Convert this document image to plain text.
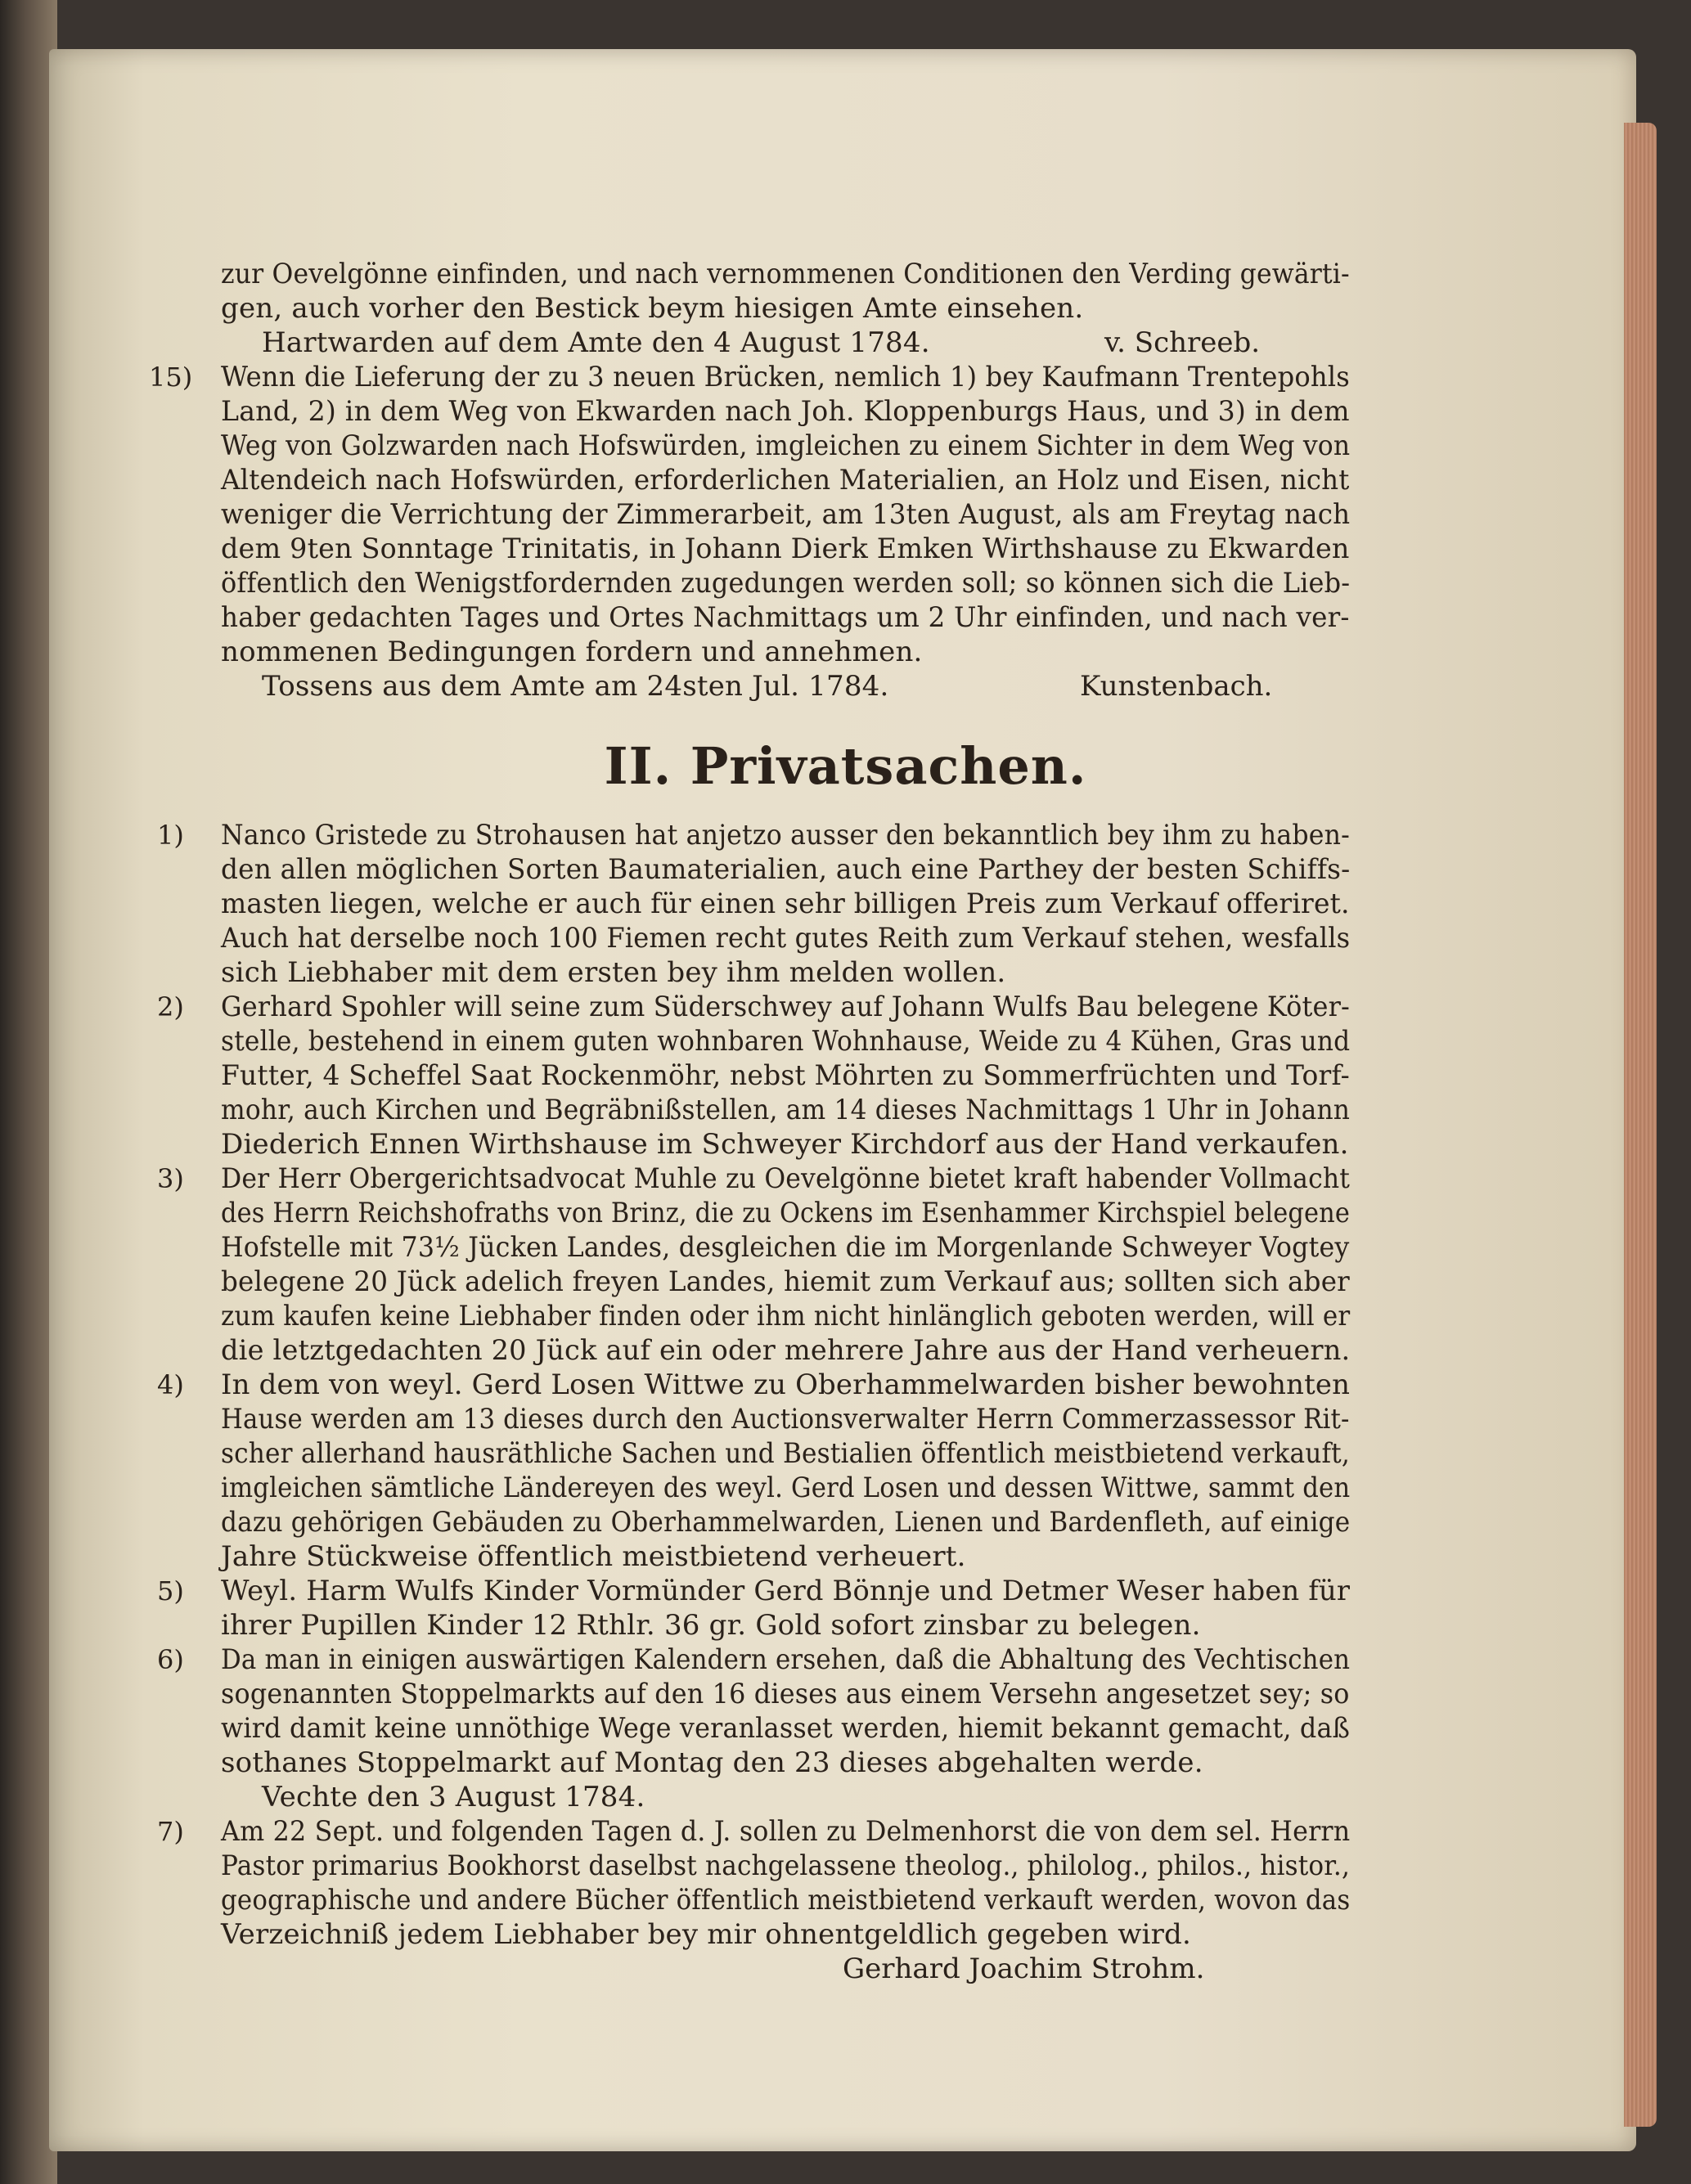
zur Oevelgönne einfinden, und nach vernommenen Conditionen den Verding gewärti-
gen, auch vorher den Bestick beym hiesigen Amte einsehen.
Hartwarden auf dem Amte den 4 August 1784.	v. Schreeb.
15) Wenn die Lieferung der zu 3 neuen Brücken, nemlich 1) bey Kaufmann Trentepohls
Land, 2) in dem Weg von Ekwarden nach Joh. Kloppenburgs Haus, und 3) in dem
Weg von Golzwarden nach Hofswürden, imgleichen zu einem Sichter in dem Weg von
Altendeich nach Hofswürden, erforderlichen Materialien, an Holz und Eisen, nicht
weniger die Verrichtung der Zimmerarbeit, am 13ten August, als am Freytag nach
dem 9ten Sonntage Trinitatis, in Johann Dierk Emken Wirthshause zu Ekwarden
öffentlich den Wenigstfordernden zugedungen werden soll; so können sich die Lieb-
haber gedachten Tages und Ortes Nachmittags um 2 Uhr einfinden, und nach ver-
nommenen Bedingungen fordern und annehmen.
Tossens aus dem Amte am 24sten Jul. 1784.	Kunstenbach.
II. Privatsachen.
1) Nanco Gristede zu Strohausen hat anjetzo ausser den bekanntlich bey ihm zu haben-
den allen möglichen Sorten Baumaterialien, auch eine Parthey der besten Schiffs-
masten liegen, welche er auch für einen sehr billigen Preis zum Verkauf offeriret.
Auch hat derselbe noch 100 Fiemen recht gutes Reith zum Verkauf stehen, wesfalls
sich Liebhaber mit dem ersten bey ihm melden wollen.
2) Gerhard Spohler will seine zum Süderschwey auf Johann Wulfs Bau belegene Köter-
stelle, bestehend in einem guten wohnbaren Wohnhause, Weide zu 4 Kühen, Gras und
Futter, 4 Scheffel Saat Rockenmöhr, nebst Möhrten zu Sommerfrüchten und Torf-
mohr, auch Kirchen und Begräbnißstellen, am 14 dieses Nachmittags 1 Uhr in Johann
Diederich Ennen Wirthshause im Schweyer Kirchdorf aus der Hand verkaufen.
3) Der Herr Obergerichtsadvocat Muhle zu Oevelgönne bietet kraft habender Vollmacht
des Herrn Reichshofraths von Brinz, die zu Ockens im Esenhammer Kirchspiel belegene
Hofstelle mit 73½ Jücken Landes, desgleichen die im Morgenlande Schweyer Vogtey
belegene 20 Jück adelich freyen Landes, hiemit zum Verkauf aus; sollten sich aber
zum kaufen keine Liebhaber finden oder ihm nicht hinlänglich geboten werden, will er
die letztgedachten 20 Jück auf ein oder mehrere Jahre aus der Hand verheuern.
4) In dem von weyl. Gerd Losen Wittwe zu Oberhammelwarden bisher bewohnten
Hause werden am 13 dieses durch den Auctionsverwalter Herrn Commerzassessor Rit-
scher allerhand hausräthliche Sachen und Bestialien öffentlich meistbietend verkauft,
imgleichen sämtliche Ländereyen des weyl. Gerd Losen und dessen Wittwe, sammt den
dazu gehörigen Gebäuden zu Oberhammelwarden, Lienen und Bardenfleth, auf einige
Jahre Stückweise öffentlich meistbietend verheuert.
5) Weyl. Harm Wulfs Kinder Vormünder Gerd Bönnje und Detmer Weser haben für
ihrer Pupillen Kinder 12 Rthlr. 36 gr. Gold sofort zinsbar zu belegen.
6) Da man in einigen auswärtigen Kalendern ersehen, daß die Abhaltung des Vechtischen
sogenannten Stoppelmarkts auf den 16 dieses aus einem Versehn angesetzet sey; so
wird damit keine unnöthige Wege veranlasset werden, hiemit bekannt gemacht, daß
sothanes Stoppelmarkt auf Montag den 23 dieses abgehalten werde.
Vechte den 3 August 1784.
7) Am 22 Sept. und folgenden Tagen d. J. sollen zu Delmenhorst die von dem sel. Herrn
Pastor primarius Bookhorst daselbst nachgelassene theolog., philolog., philos., histor.,
geographische und andere Bücher öffentlich meistbietend verkauft werden, wovon das
Verzeichniß jedem Liebhaber bey mir ohnentgeldlich gegeben wird.
Gerhard Joachim Strohm.
